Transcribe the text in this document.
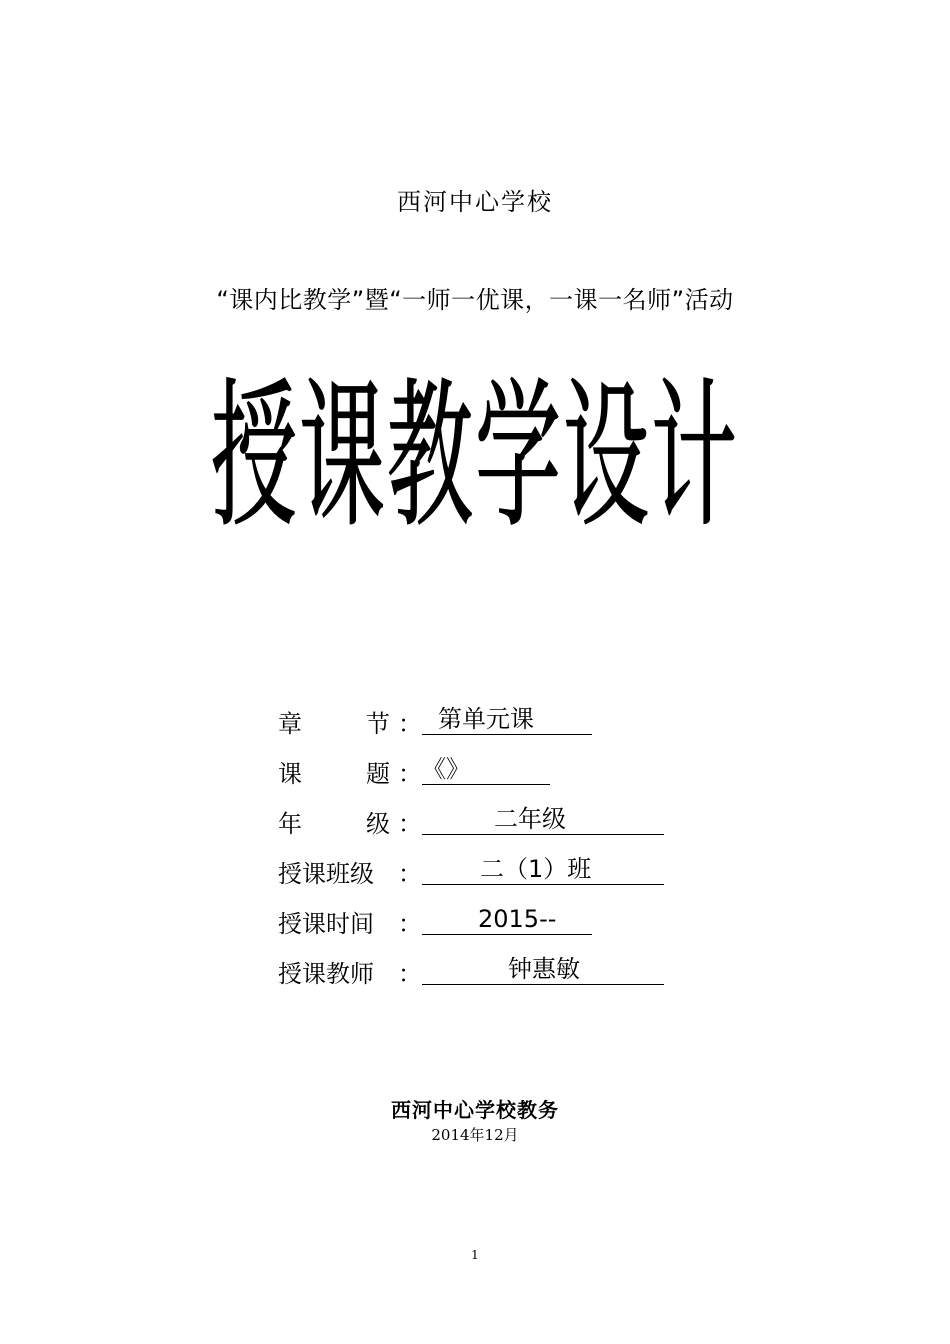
西河中心学校
“课内比教学”暨“一师一优课，一课一名师”活动
授课教学设计
章	节 ： 第单元课
课	题 ： 《》
年	级 ：	二年级
授课班级 ： 二（1）班
授课时间 ： 2015--
授课教师 ：	钟惠敏
西河中心学校教务
2014年12月
1
